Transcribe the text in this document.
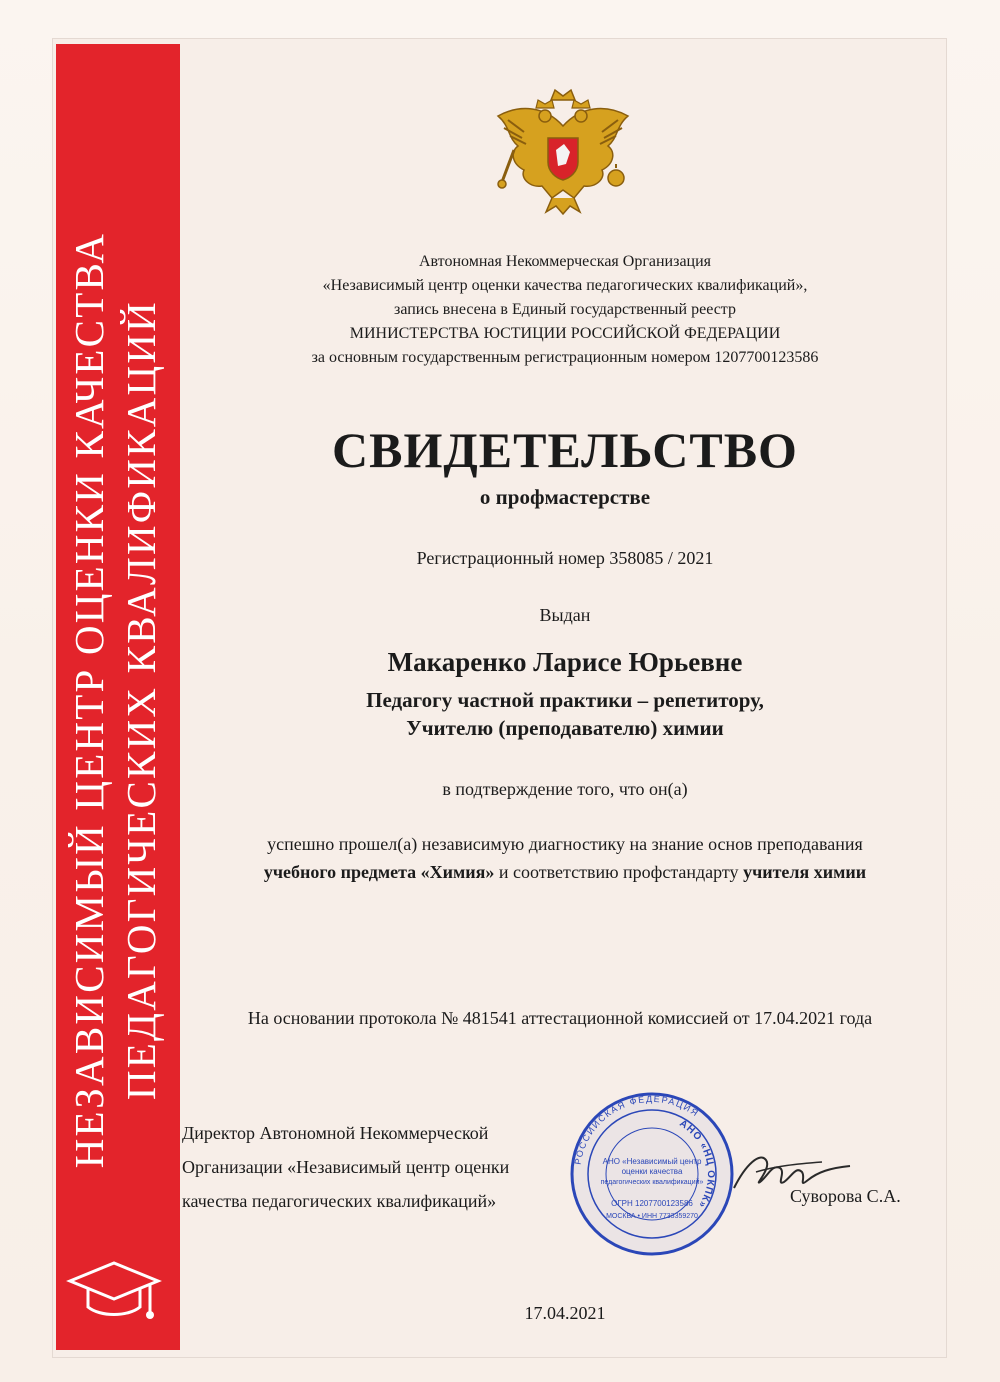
НЕЗАВИСИМЫЙ ЦЕНТР ОЦЕНКИ КАЧЕСТВА ПЕДАГОГИЧЕСКИХ КВАЛИФИКАЦИЙ
Автономная Некоммерческая Организация
«Независимый центр оценки качества педагогических квалификаций»,
запись внесена в Единый государственный реестр
МИНИСТЕРСТВА ЮСТИЦИИ РОССИЙСКОЙ ФЕДЕРАЦИИ
за основным государственным регистрационным номером 1207700123586
СВИДЕТЕЛЬСТВО
о профмастерстве
Регистрационный номер 358085 / 2021
Выдан
Макаренко Ларисе Юрьевне
Педагогу частной практики – репетитору,
Учителю (преподавателю) химии
в подтверждение того, что он(а)
успешно прошел(а) независимую диагностику на знание основ преподавания
учебного предмета «Химия» и соответствию профстандарту учителя химии
На основании протокола № 481541 аттестационной комиссией от 17.04.2021 года
Директор Автономной Некоммерческой
Организации «Независимый центр оценки
качества педагогических квалификаций»
РОССИЙСКАЯ ФЕДЕРАЦИЯ
АНО «НЦ ОКПК»
АНО «Независимый центр
оценки качества
педагогических квалификаций»
ОГРН 1207700123586
МОСКВА • ИНН 7733359270
Суворова С.А.
17.04.2021
